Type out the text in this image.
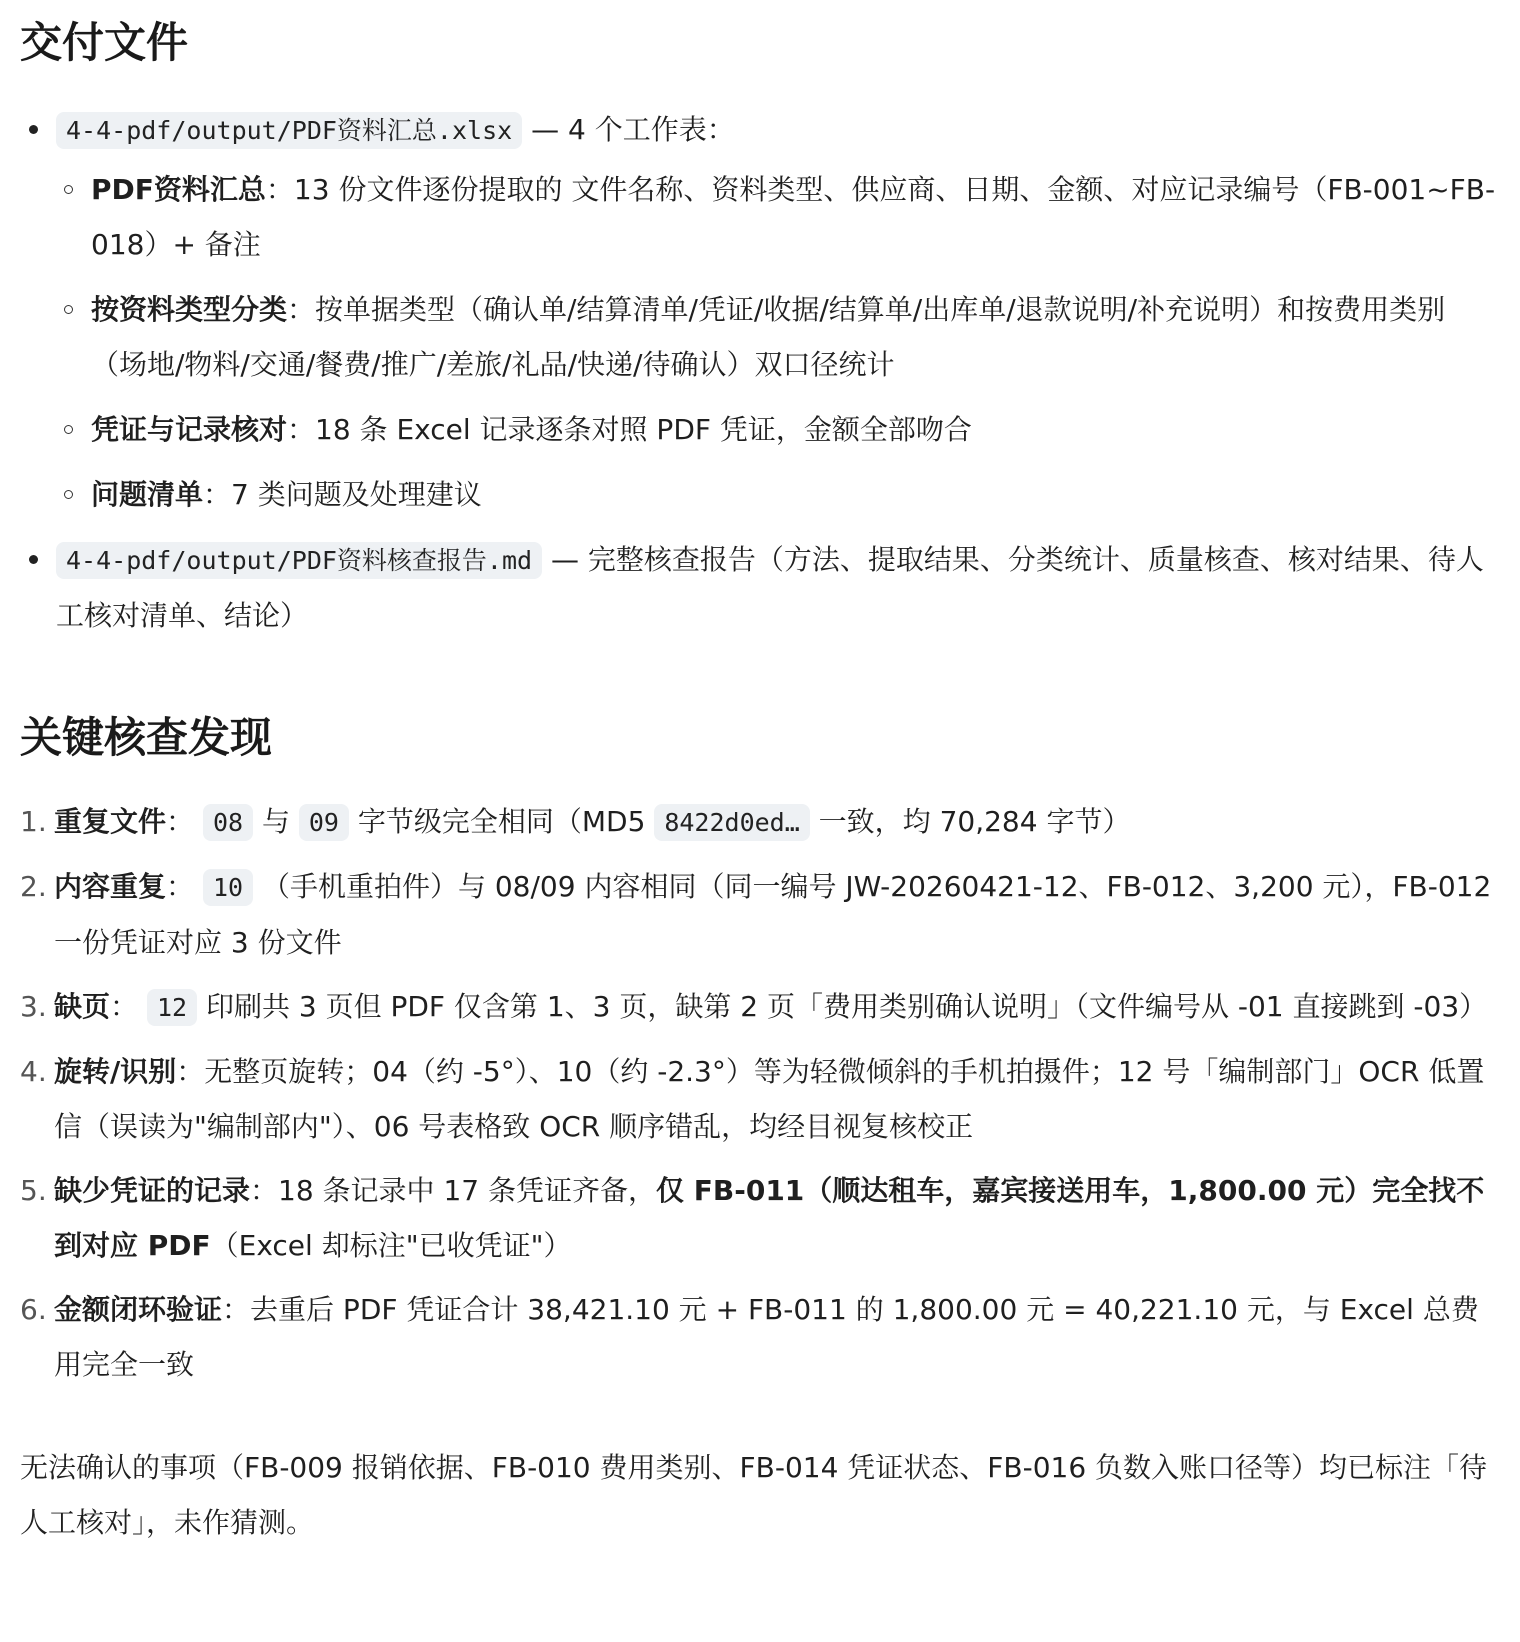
交付文件
4-4-pdf/output/PDF资料汇总.xlsx — 4 个工作表：
PDF资料汇总：13 份文件逐份提取的 文件名称、资料类型、供应商、日期、金额、对应记录编号（FB-001~FB-018）+ 备注
按资料类型分类：按单据类型（确认单/结算清单/凭证/收据/结算单/出库单/退款说明/补充说明）和按费用类别（场地/物料/交通/餐费/推广/差旅/礼品/快递/待确认）双口径统计
凭证与记录核对：18 条 Excel 记录逐条对照 PDF 凭证，金额全部吻合
问题清单：7 类问题及处理建议
4-4-pdf/output/PDF资料核查报告.md — 完整核查报告（方法、提取结果、分类统计、质量核查、核对结果、待人工核对清单、结论）
关键核查发现
1. 重复文件： 08 与 09 字节级完全相同（MD5 8422d0ed… 一致，均 70,284 字节）
2. 内容重复： 10 （手机重拍件）与 08/09 内容相同（同一编号 JW-20260421-12、FB-012、3,200 元），FB-012 一份凭证对应 3 份文件
3. 缺页： 12 印刷共 3 页但 PDF 仅含第 1、3 页，缺第 2 页「费用类别确认说明」（文件编号从 -01 直接跳到 -03）
4. 旋转/识别：无整页旋转；04（约 -5°）、10（约 -2.3°）等为轻微倾斜的手机拍摄件；12 号「编制部门」OCR 低置信（误读为"编制部内"）、06 号表格致 OCR 顺序错乱，均经目视复核校正
5. 缺少凭证的记录：18 条记录中 17 条凭证齐备，仅 FB-011（顺达租车，嘉宾接送用车，1,800.00 元）完全找不到对应 PDF（Excel 却标注"已收凭证"）
6. 金额闭环验证：去重后 PDF 凭证合计 38,421.10 元 + FB-011 的 1,800.00 元 = 40,221.10 元，与 Excel 总费用完全一致

无法确认的事项（FB-009 报销依据、FB-010 费用类别、FB-014 凭证状态、FB-016 负数入账口径等）均已标注「待人工核对」，未作猜测。
